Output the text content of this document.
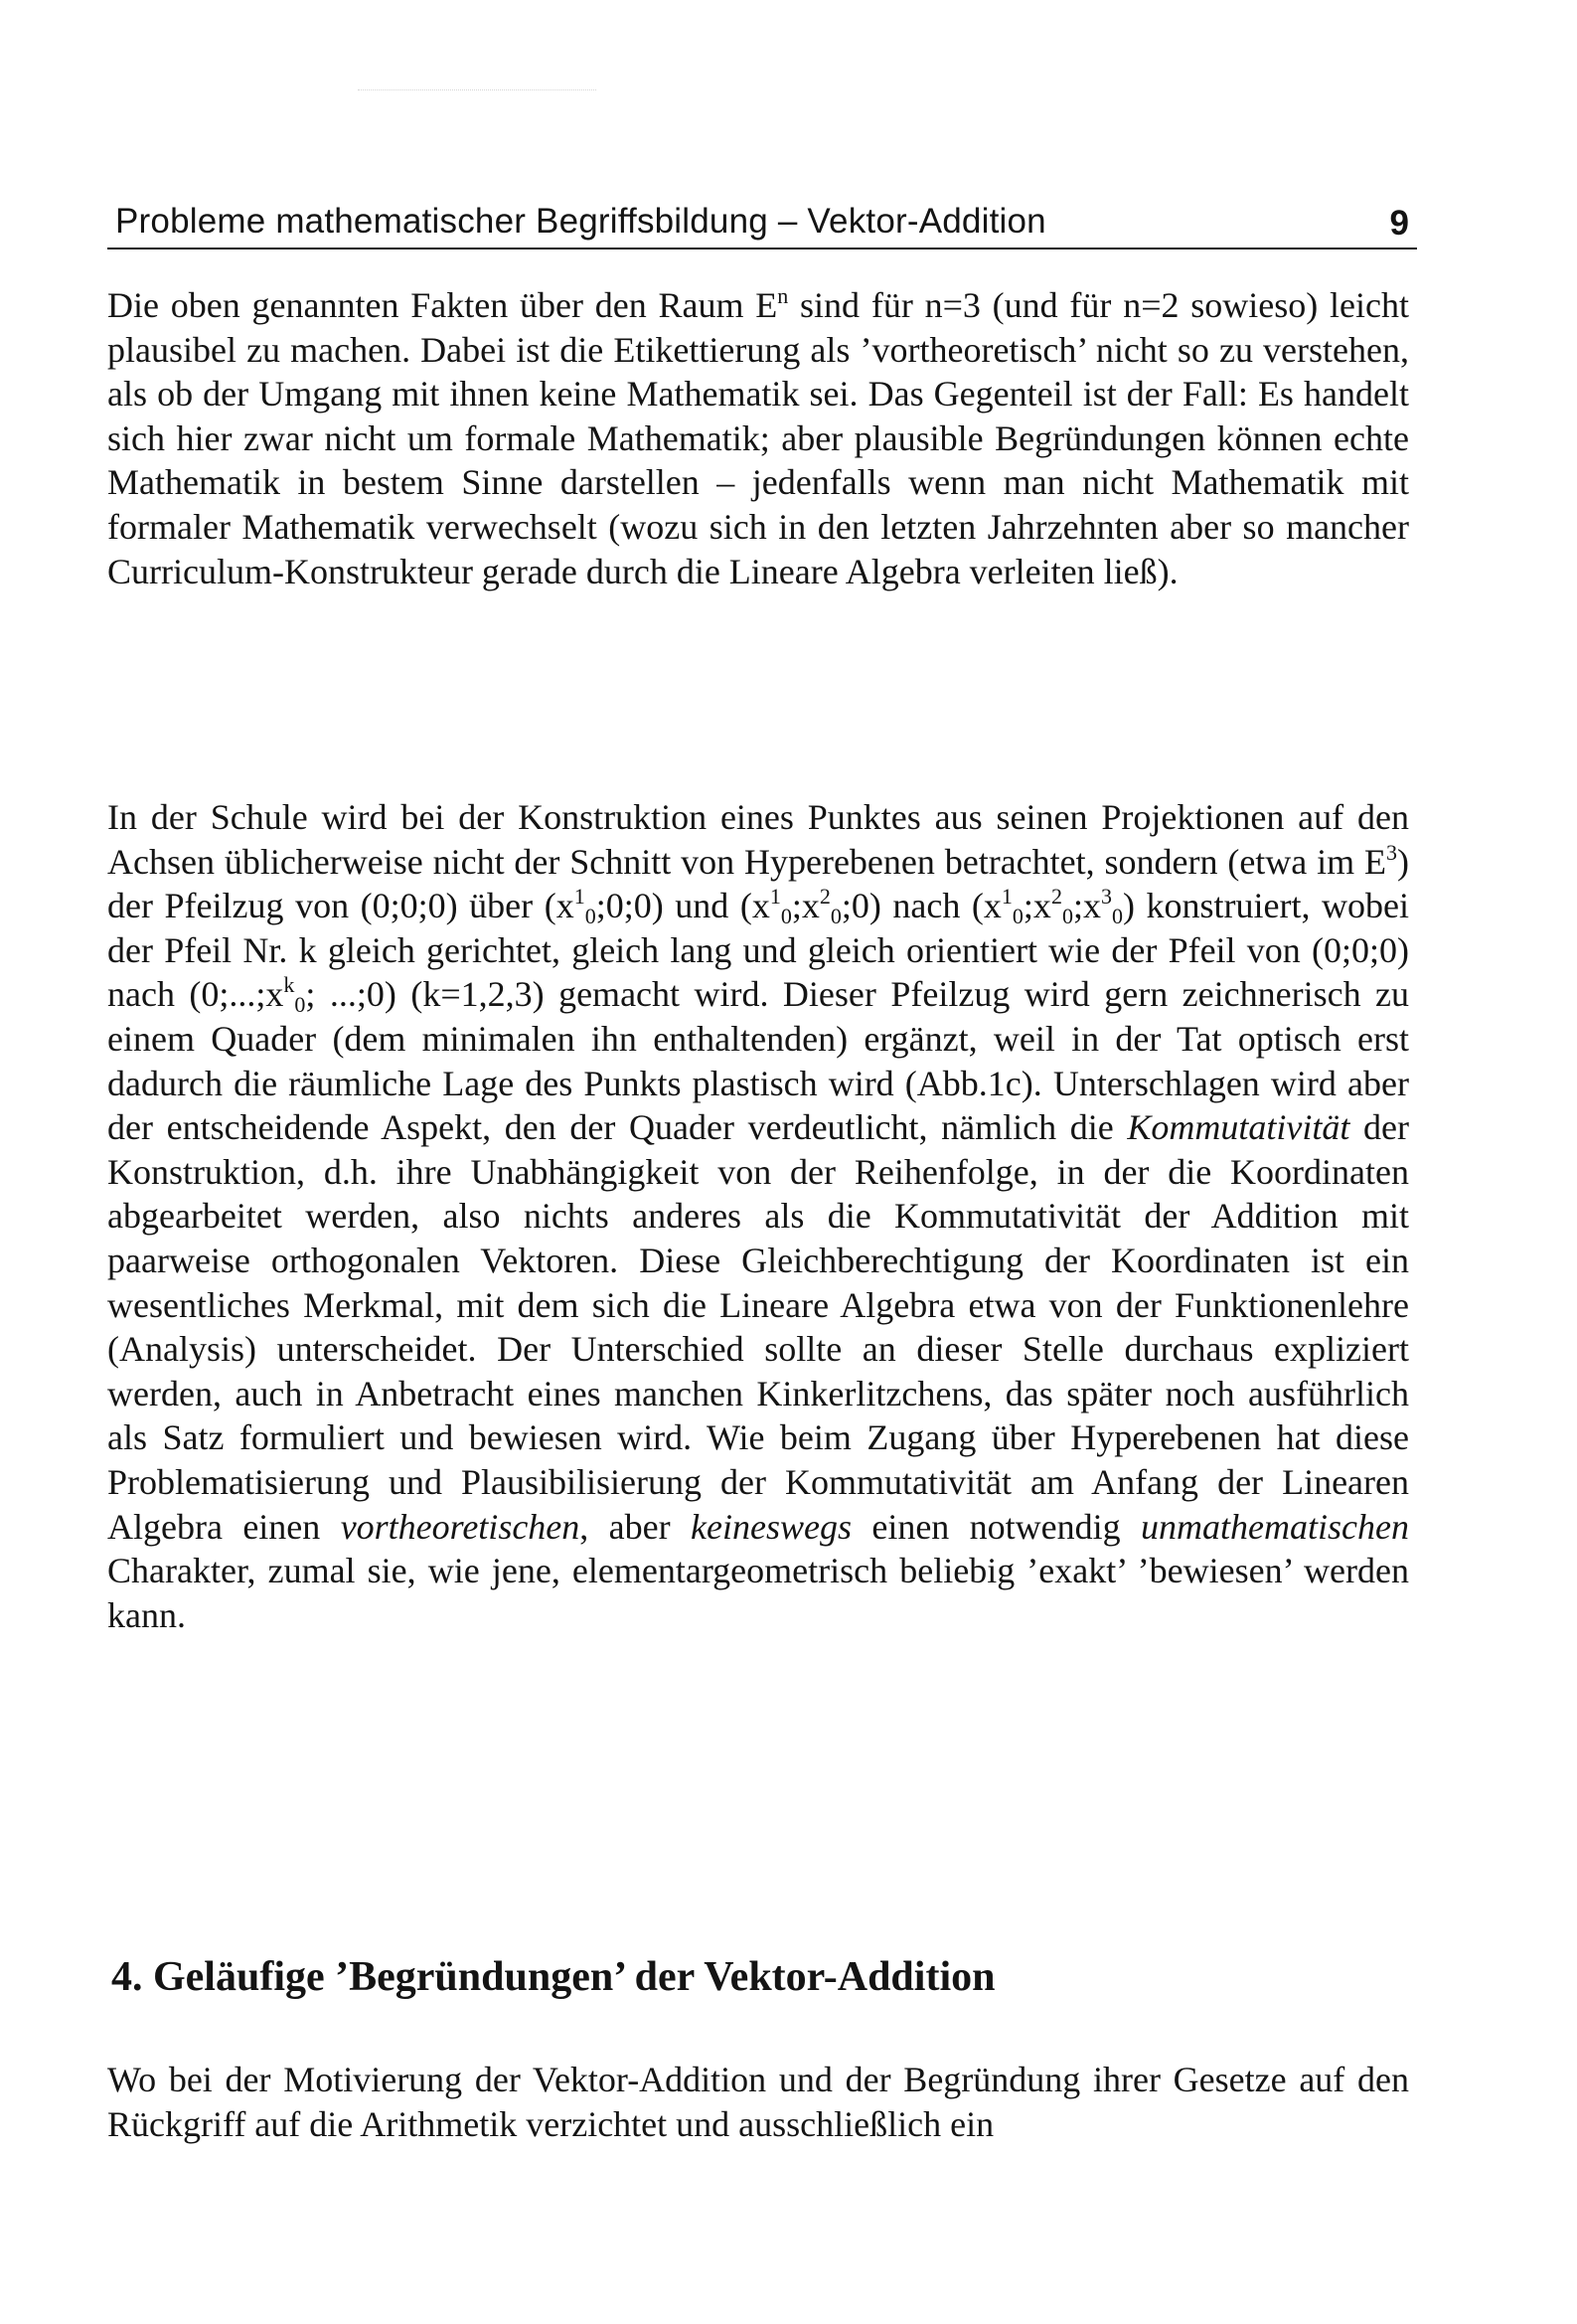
Probleme mathematischer Begriffsbildung – Vektor-Addition	9

Die oben genannten Fakten über den Raum $E^n$ sind für n=3 (und für n=2 sowieso) leicht plausibel zu machen. Dabei ist die Etikettierung als ’vortheoretisch’ nicht so zu verstehen, als ob der Umgang mit ihnen keine Mathematik sei. Das Gegenteil ist der Fall: Es handelt sich hier zwar nicht um formale Mathematik; aber plausible Begründungen können echte Mathematik in bestem Sinne darstellen – jedenfalls wenn man nicht Mathematik mit formaler Mathematik verwechselt (wozu sich in den letzten Jahrzehnten aber so mancher Curriculum-Konstrukteur gerade durch die Lineare Algebra verleiten ließ).

In der Schule wird bei der Konstruktion eines Punktes aus seinen Projektionen auf den Achsen üblicherweise nicht der Schnitt von Hyperebenen betrachtet, sondern (etwa im $E^3$) der Pfeilzug von (0;0;0) über $(x^1_0;0;0)$ und $(x^1_0;x^2_0;0)$ nach $(x^1_0;x^2_0;x^3_0)$ konstruiert, wobei der Pfeil Nr. k gleich gerichtet, gleich lang und gleich orientiert wie der Pfeil von (0;0;0) nach ($0;...;x^k_0$; ...;0) (k=1,2,3) gemacht wird. Dieser Pfeilzug wird gern zeichnerisch zu einem Quader (dem minimalen ihn enthaltenden) ergänzt, weil in der Tat optisch erst dadurch die räumliche Lage des Punkts plastisch wird (Abb.1c). Unterschlagen wird aber der entscheidende Aspekt, den der Quader verdeutlicht, nämlich die Kommutativität der Konstruktion, d.h. ihre Unabhängigkeit von der Reihenfolge, in der die Koordinaten abgearbeitet werden, also nichts anderes als die Kommutativität der Addition mit paarweise orthogonalen Vektoren. Diese Gleichberechtigung der Koordinaten ist ein wesentliches Merkmal, mit dem sich die Lineare Algebra etwa von der Funktionenlehre (Analysis) unterscheidet. Der Unterschied sollte an dieser Stelle durchaus expliziert werden, auch in Anbetracht eines manchen Kinkerlitzchens, das später noch ausführlich als Satz formuliert und bewiesen wird. Wie beim Zugang über Hyperebenen hat diese Problematisierung und Plausibilisierung der Kommutativität am Anfang der Linearen Algebra einen vortheoretischen, aber keineswegs einen notwendig unmathematischen Charakter, zumal sie, wie jene, elementargeometrisch beliebig ’exakt’ ’bewiesen’ werden kann.

4. Geläufige ’Begründungen’ der Vektor-Addition

Wo bei der Motivierung der Vektor-Addition und der Begründung ihrer Gesetze auf den Rückgriff auf die Arithmetik verzichtet und ausschließlich ein
